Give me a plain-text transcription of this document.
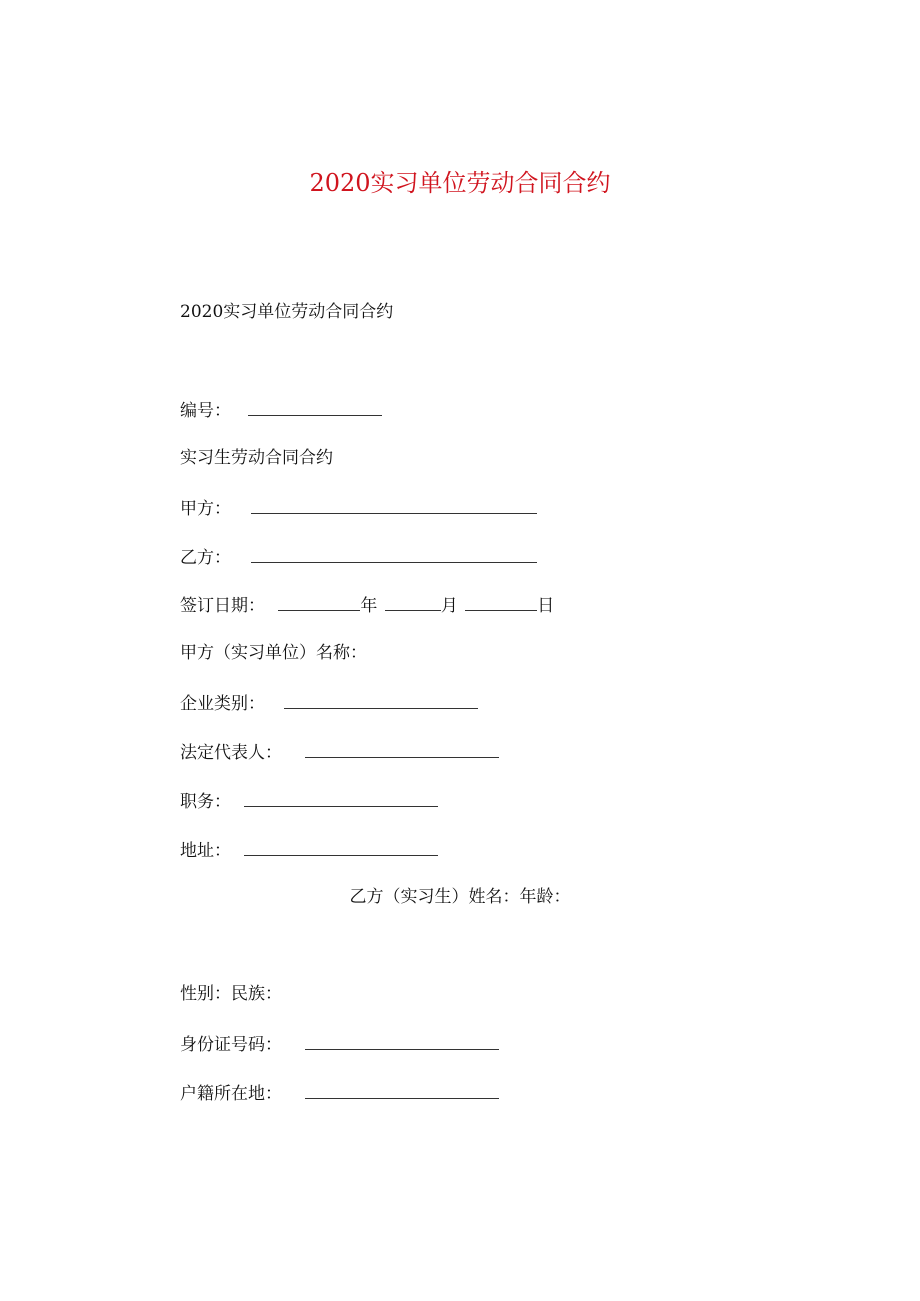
2020实习单位劳动合同合约
2020实习单位劳动合同合约
编号：
实习生劳动合同合约
甲方：
乙方：
签订日期：	年	月	日
甲方（实习单位）名称：
企业类别：
法定代表人：
职务：
地址：
乙方（实习生）姓名：年龄：
性别：民族：
身份证号码：
户籍所在地：
